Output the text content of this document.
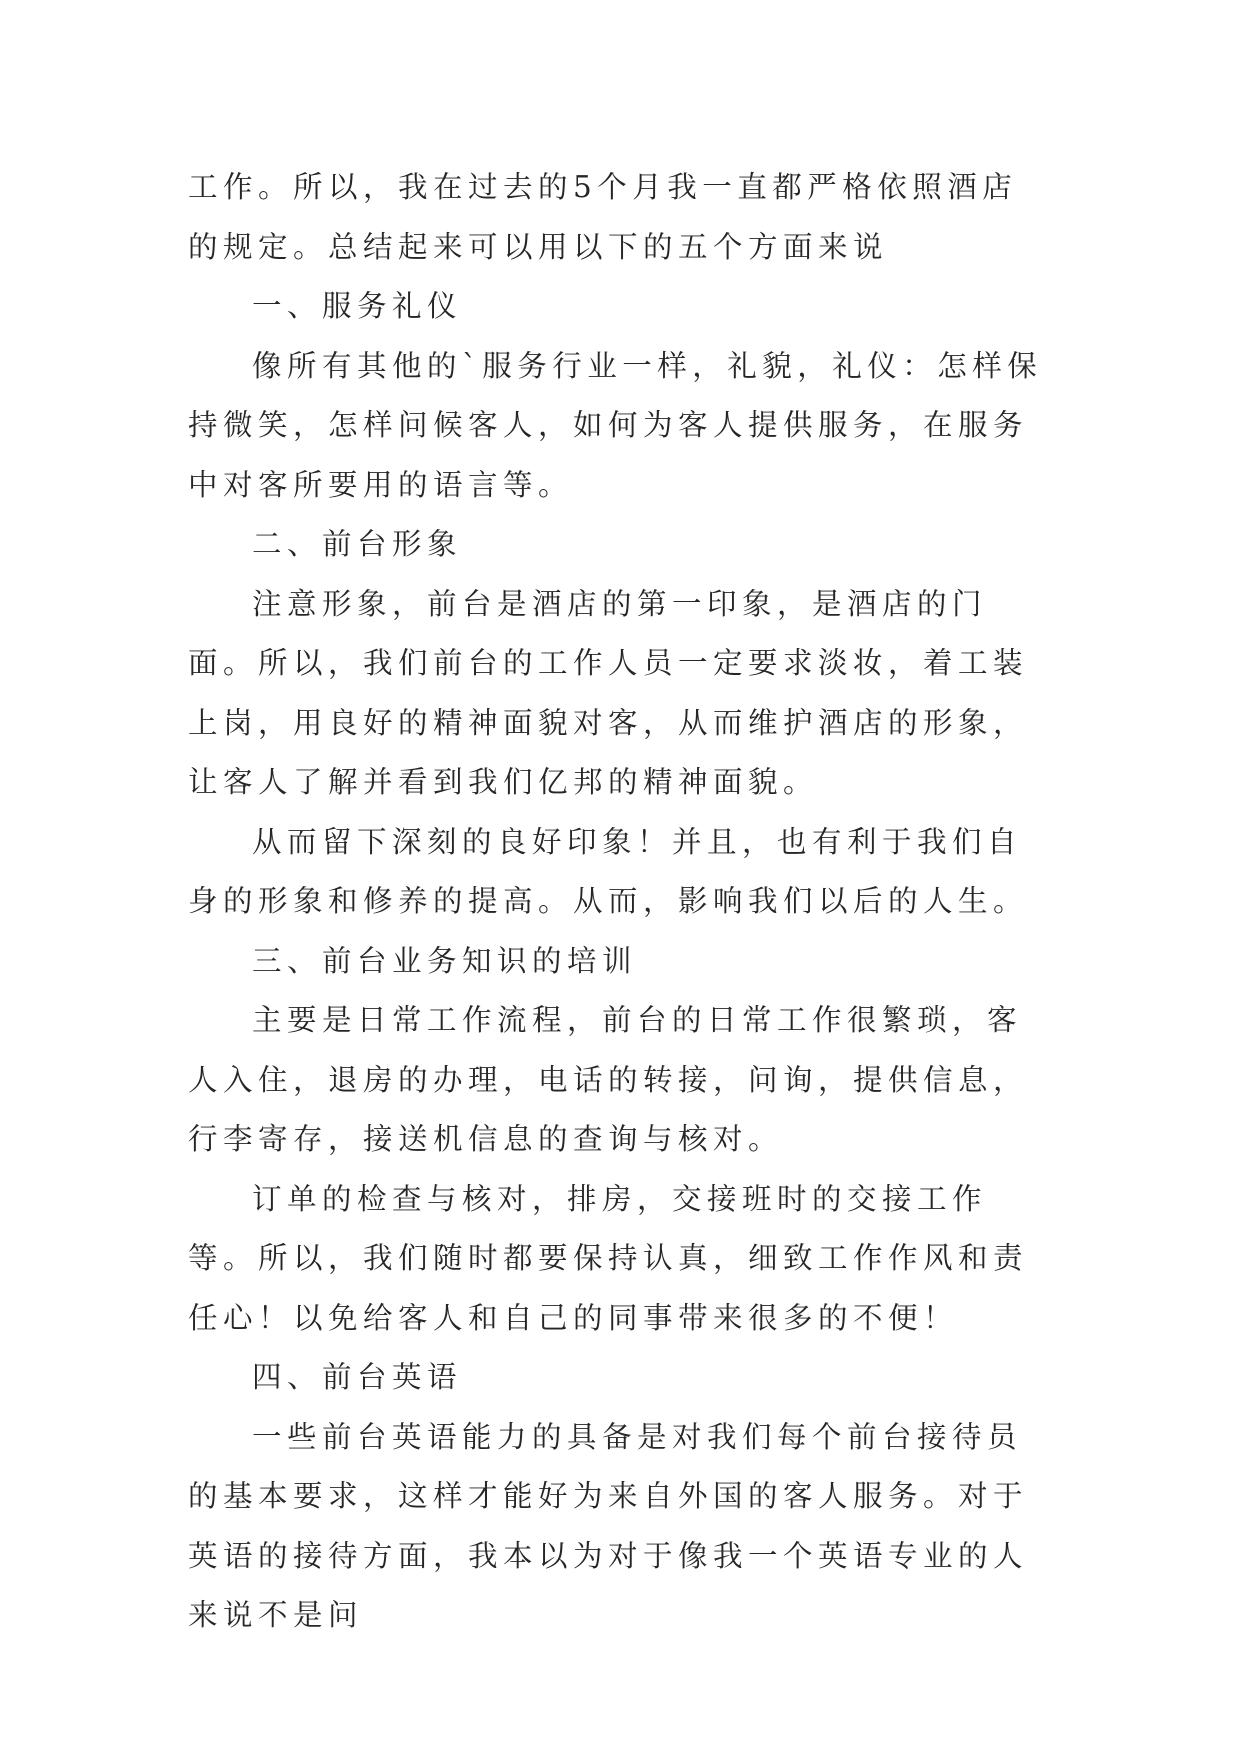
工作。所以，我在过去的5个月我一直都严格依照酒店的规定。总结起来可以用以下的五个方面来说

一、服务礼仪

像所有其他的`服务行业一样，礼貌，礼仪：怎样保持微笑，怎样问候客人，如何为客人提供服务，在服务中对客所要用的语言等。

二、前台形象

注意形象，前台是酒店的第一印象，是酒店的门面。所以，我们前台的工作人员一定要求淡妆，着工装上岗，用良好的精神面貌对客，从而维护酒店的形象，让客人了解并看到我们亿邦的精神面貌。

从而留下深刻的良好印象！并且，也有利于我们自身的形象和修养的提高。从而，影响我们以后的人生。

三、前台业务知识的培训

主要是日常工作流程，前台的日常工作很繁琐，客人入住，退房的办理，电话的转接，问询，提供信息，行李寄存，接送机信息的查询与核对。

订单的检查与核对，排房，交接班时的交接工作等。所以，我们随时都要保持认真，细致工作作风和责任心！以免给客人和自己的同事带来很多的不便！

四、前台英语

一些前台英语能力的具备是对我们每个前台接待员的基本要求，这样才能好为来自外国的客人服务。对于英语的接待方面，我本以为对于像我一个英语专业的人来说不是问
